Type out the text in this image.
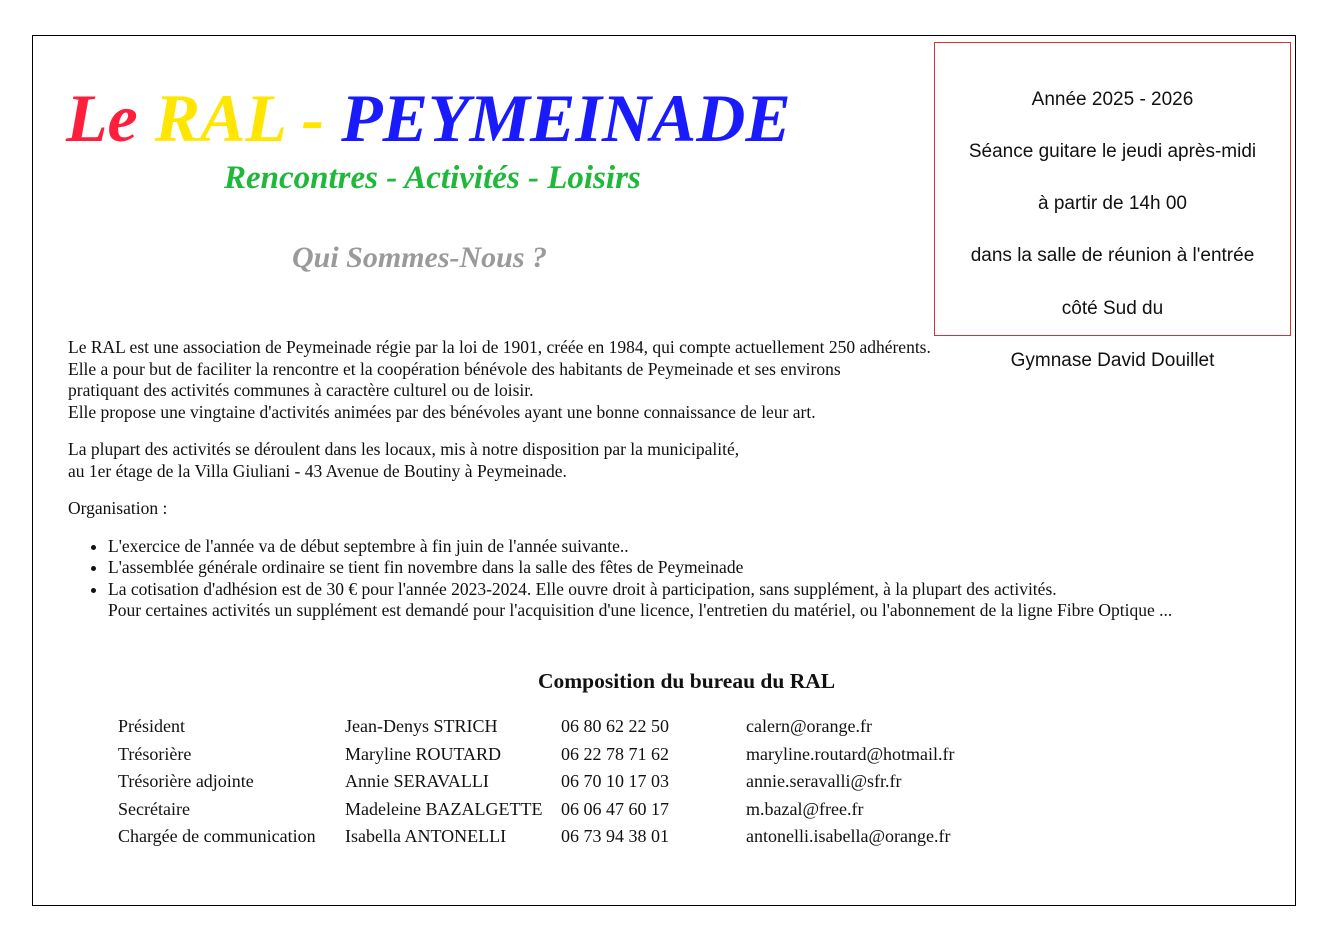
Le RAL - PEYMEINADE
Rencontres - Activités - Loisirs
Qui Sommes-Nous ?

Année 2025 - 2026

Séance guitare le jeudi après-midi

à partir de 14h 00

dans la salle de réunion à l'entrée

côté Sud du

Gymnase David Douillet

Le RAL est une association de Peymeinade régie par la loi de 1901, créée en 1984, qui compte actuellement 250 adhérents.
Elle a pour but de faciliter la rencontre et la coopération bénévole des habitants de Peymeinade et ses environs
pratiquant des activités communes à caractère culturel ou de loisir.
Elle propose une vingtaine d'activités animées par des bénévoles ayant une bonne connaissance de leur art.

La plupart des activités se déroulent dans les locaux, mis à notre disposition par la municipalité,
au 1er étage de la Villa Giuliani - 43 Avenue de Boutiny à Peymeinade.

Organisation :

• L'exercice de l'année va de début septembre à fin juin de l'année suivante..
• L'assemblée générale ordinaire se tient fin novembre dans la salle des fêtes de Peymeinade
• La cotisation d'adhésion est de 30 € pour l'année 2023-2024. Elle ouvre droit à participation, sans supplément, à la plupart des activités.
Pour certaines activités un supplément est demandé pour l'acquisition d'une licence, l'entretien du matériel, ou l'abonnement de la ligne Fibre Optique ...
Composition du bureau du RAL
Président	Jean-Denys STRICH	06 80 62 22 50	calern@orange.fr
Trésorière	Maryline ROUTARD	06 22 78 71 62	maryline.routard@hotmail.fr
Trésorière adjointe	Annie SERAVALLI	06 70 10 17 03	annie.seravalli@sfr.fr
Secrétaire	Madeleine BAZALGETTE	06 06 47 60 17	m.bazal@free.fr
Chargée de communication	Isabella ANTONELLI	06 73 94 38 01	antonelli.isabella@orange.fr
